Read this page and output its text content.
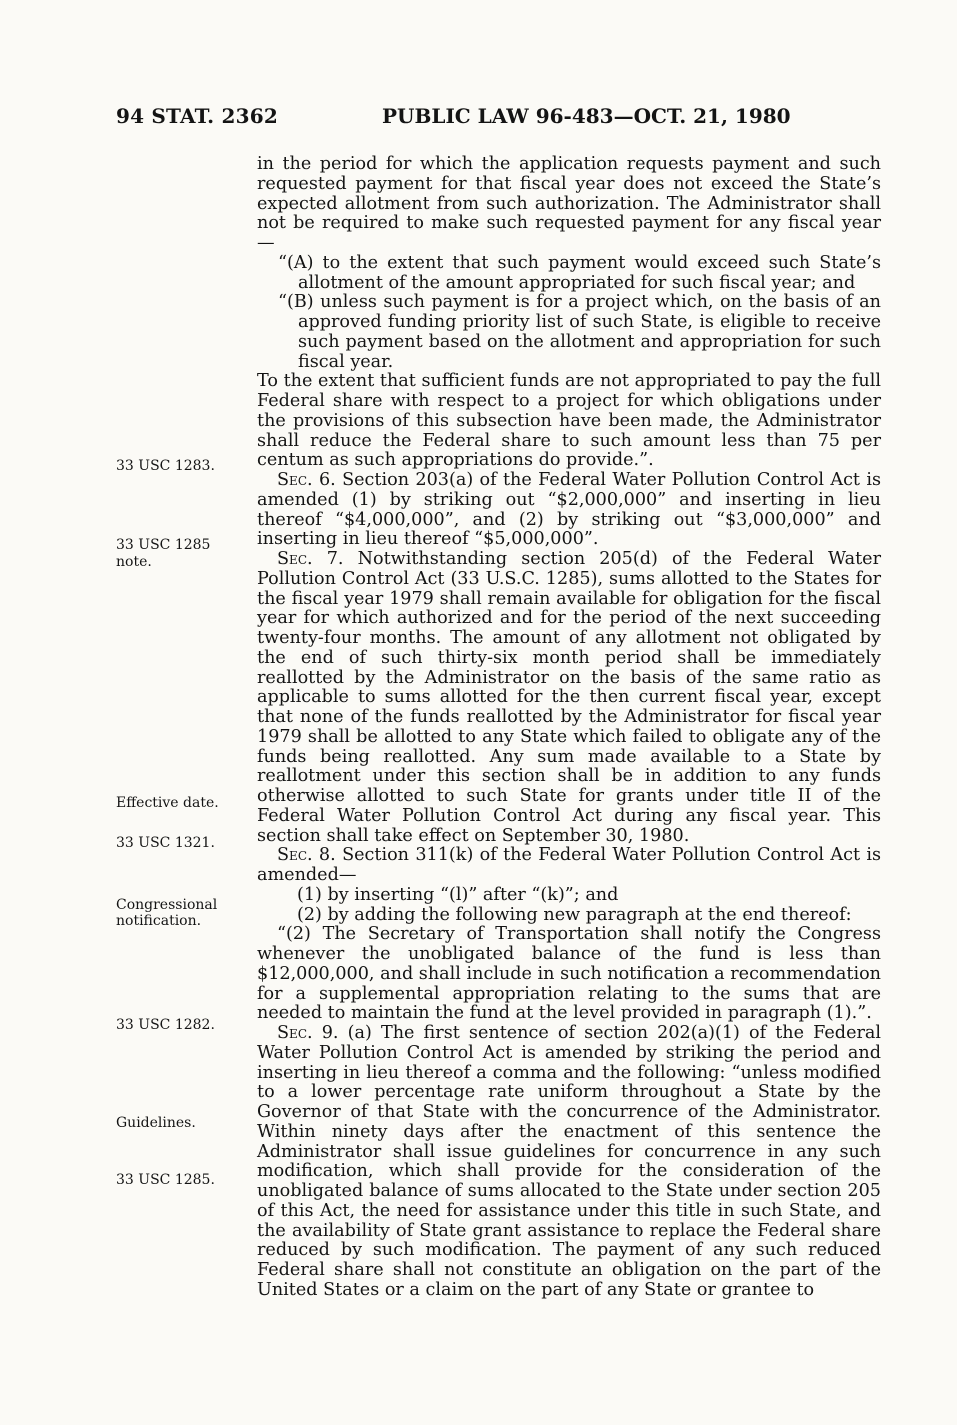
94 STAT. 2362	PUBLIC LAW 96-483—OCT. 21, 1980
33 USC 1283.
33 USC 1285
note.
Effective date.
33 USC 1321.
Congressional
notification.
33 USC 1282.
Guidelines.
33 USC 1285.

in the period for which the application requests payment and such requested payment for that fiscal year does not exceed the State’s expected allotment from such authorization. The Administrator shall not be required to make such requested payment for any fiscal year—

“(A) to the extent that such payment would exceed such State’s allotment of the amount appropriated for such fiscal year; and

“(B) unless such payment is for a project which, on the basis of an approved funding priority list of such State, is eligible to receive such payment based on the allotment and appropriation for such fiscal year.

To the extent that sufficient funds are not appropriated to pay the full Federal share with respect to a project for which obligations under the provisions of this subsection have been made, the Administrator shall reduce the Federal share to such amount less than 75 per centum as such appropriations do provide.”.

Sec. 6. Section 203(a) of the Federal Water Pollution Control Act is amended (1) by striking out “$2,000,000” and inserting in lieu thereof “$4,000,000”, and (2) by striking out “$3,000,000” and inserting in lieu thereof “$5,000,000”.

Sec. 7. Notwithstanding section 205(d) of the Federal Water Pollution Control Act (33 U.S.C. 1285), sums allotted to the States for the fiscal year 1979 shall remain available for obligation for the fiscal year for which authorized and for the period of the next succeeding twenty-four months. The amount of any allotment not obligated by the end of such thirty-six month period shall be immediately reallotted by the Administrator on the basis of the same ratio as applicable to sums allotted for the then current fiscal year, except that none of the funds reallotted by the Administrator for fiscal year 1979 shall be allotted to any State which failed to obligate any of the funds being reallotted. Any sum made available to a State by reallotment under this section shall be in addition to any funds otherwise allotted to such State for grants under title II of the Federal Water Pollution Control Act during any fiscal year. This section shall take effect on September 30, 1980.

Sec. 8. Section 311(k) of the Federal Water Pollution Control Act is amended—

(1) by inserting “(l)” after “(k)”; and

(2) by adding the following new paragraph at the end thereof:

“(2) The Secretary of Transportation shall notify the Congress whenever the unobligated balance of the fund is less than $12,000,000, and shall include in such notification a recommendation for a supplemental appropriation relating to the sums that are needed to maintain the fund at the level provided in paragraph (1).”.

Sec. 9. (a) The first sentence of section 202(a)(1) of the Federal Water Pollution Control Act is amended by striking the period and inserting in lieu thereof a comma and the following: “unless modified to a lower percentage rate uniform throughout a State by the Governor of that State with the concurrence of the Administrator. Within ninety days after the enactment of this sentence the Administrator shall issue guidelines for concurrence in any such modification, which shall provide for the consideration of the unobligated balance of sums allocated to the State under section 205 of this Act, the need for assistance under this title in such State, and the availability of State grant assistance to replace the Federal share reduced by such modification. The payment of any such reduced Federal share shall not constitute an obligation on the part of the United States or a claim on the part of any State or grantee to
